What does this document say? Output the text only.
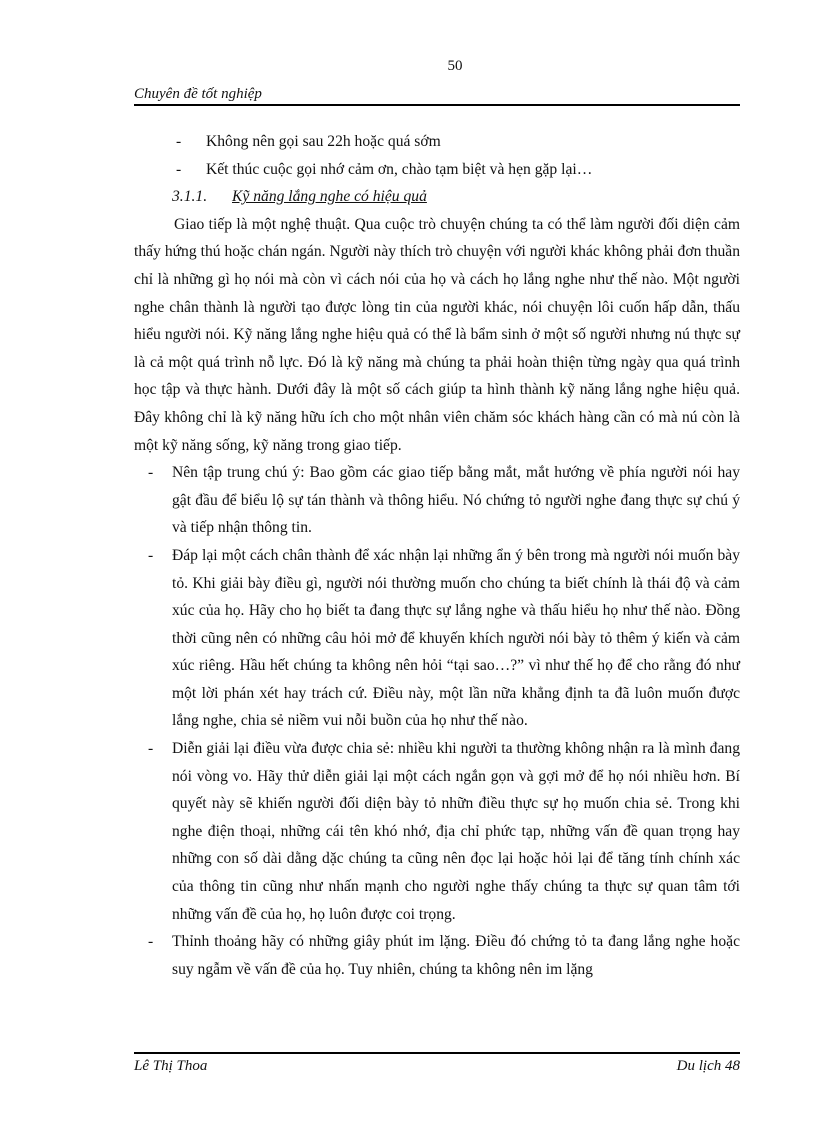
50
Chuyên đề tốt nghiệp
- Không nên gọi sau 22h hoặc quá sớm
- Kết thúc cuộc gọi nhớ cảm ơn, chào tạm biệt và hẹn gặp lại…
3.1.1. Kỹ năng lắng nghe có hiệu quả

Giao tiếp là một nghệ thuật. Qua cuộc trò chuyện chúng ta có thể làm người đối diện cảm thấy hứng thú hoặc chán ngán. Người này thích trò chuyện với người khác không phải đơn thuần chỉ là những gì họ nói mà còn vì cách nói của họ và cách họ lắng nghe như thế nào. Một người nghe chân thành là người tạo được lòng tin của người khác, nói chuyện lôi cuốn hấp dẫn, thấu hiểu người nói. Kỹ năng lắng nghe hiệu quả có thể là bẩm sinh ở một số người nhưng nú thực sự là cả một quá trình nỗ lực. Đó là kỹ năng mà chúng ta phải hoàn thiện từng ngày qua quá trình học tập và thực hành. Dưới đây là một số cách giúp ta hình thành kỹ năng lắng nghe hiệu quả. Đây không chỉ là kỹ năng hữu ích cho một nhân viên chăm sóc khách hàng cần có mà nú còn là một kỹ năng sống, kỹ năng trong giao tiếp.

- Nên tập trung chú ý: Bao gồm các giao tiếp bằng mắt, mắt hướng về phía người nói hay gật đầu để biểu lộ sự tán thành và thông hiểu. Nó chứng tỏ người nghe đang thực sự chú ý và tiếp nhận thông tin.
- Đáp lại một cách chân thành để xác nhận lại những ẩn ý bên trong mà người nói muốn bày tỏ. Khi giải bày điều gì, người nói thường muốn cho chúng ta biết chính là thái độ và cảm xúc của họ. Hãy cho họ biết ta đang thực sự lắng nghe và thấu hiểu họ như thế nào. Đồng thời cũng nên có những câu hỏi mở để khuyến khích người nói bày tỏ thêm ý kiến và cảm xúc riêng. Hầu hết chúng ta không nên hỏi “tại sao…?” vì như thế họ để cho rằng đó như một lời phán xét hay trách cứ. Điều này, một lần nữa khẳng định ta đã luôn muốn được lắng nghe, chia sẻ niềm vui nỗi buồn của họ như thế nào.
- Diễn giải lại điều vừa được chia sẻ: nhiều khi người ta thường không nhận ra là mình đang nói vòng vo. Hãy thử diễn giải lại một cách ngắn gọn và gợi mở để họ nói nhiều hơn. Bí quyết này sẽ khiến người đối diện bày tỏ nhữn điều thực sự họ muốn chia sẻ. Trong khi nghe điện thoại, những cái tên khó nhớ, địa chỉ phức tạp, những vấn đề quan trọng hay những con số dài dằng dặc chúng ta cũng nên đọc lại hoặc hỏi lại để tăng tính chính xác của thông tin cũng như nhấn mạnh cho người nghe thấy chúng ta thực sự quan tâm tới những vấn đề của họ, họ luôn được coi trọng.
- Thỉnh thoảng hãy có những giây phút im lặng. Điều đó chứng tỏ ta đang lắng nghe hoặc suy ngẫm về vấn đề của họ. Tuy nhiên, chúng ta không nên im lặng
Lê Thị Thoa	Du lịch 48
